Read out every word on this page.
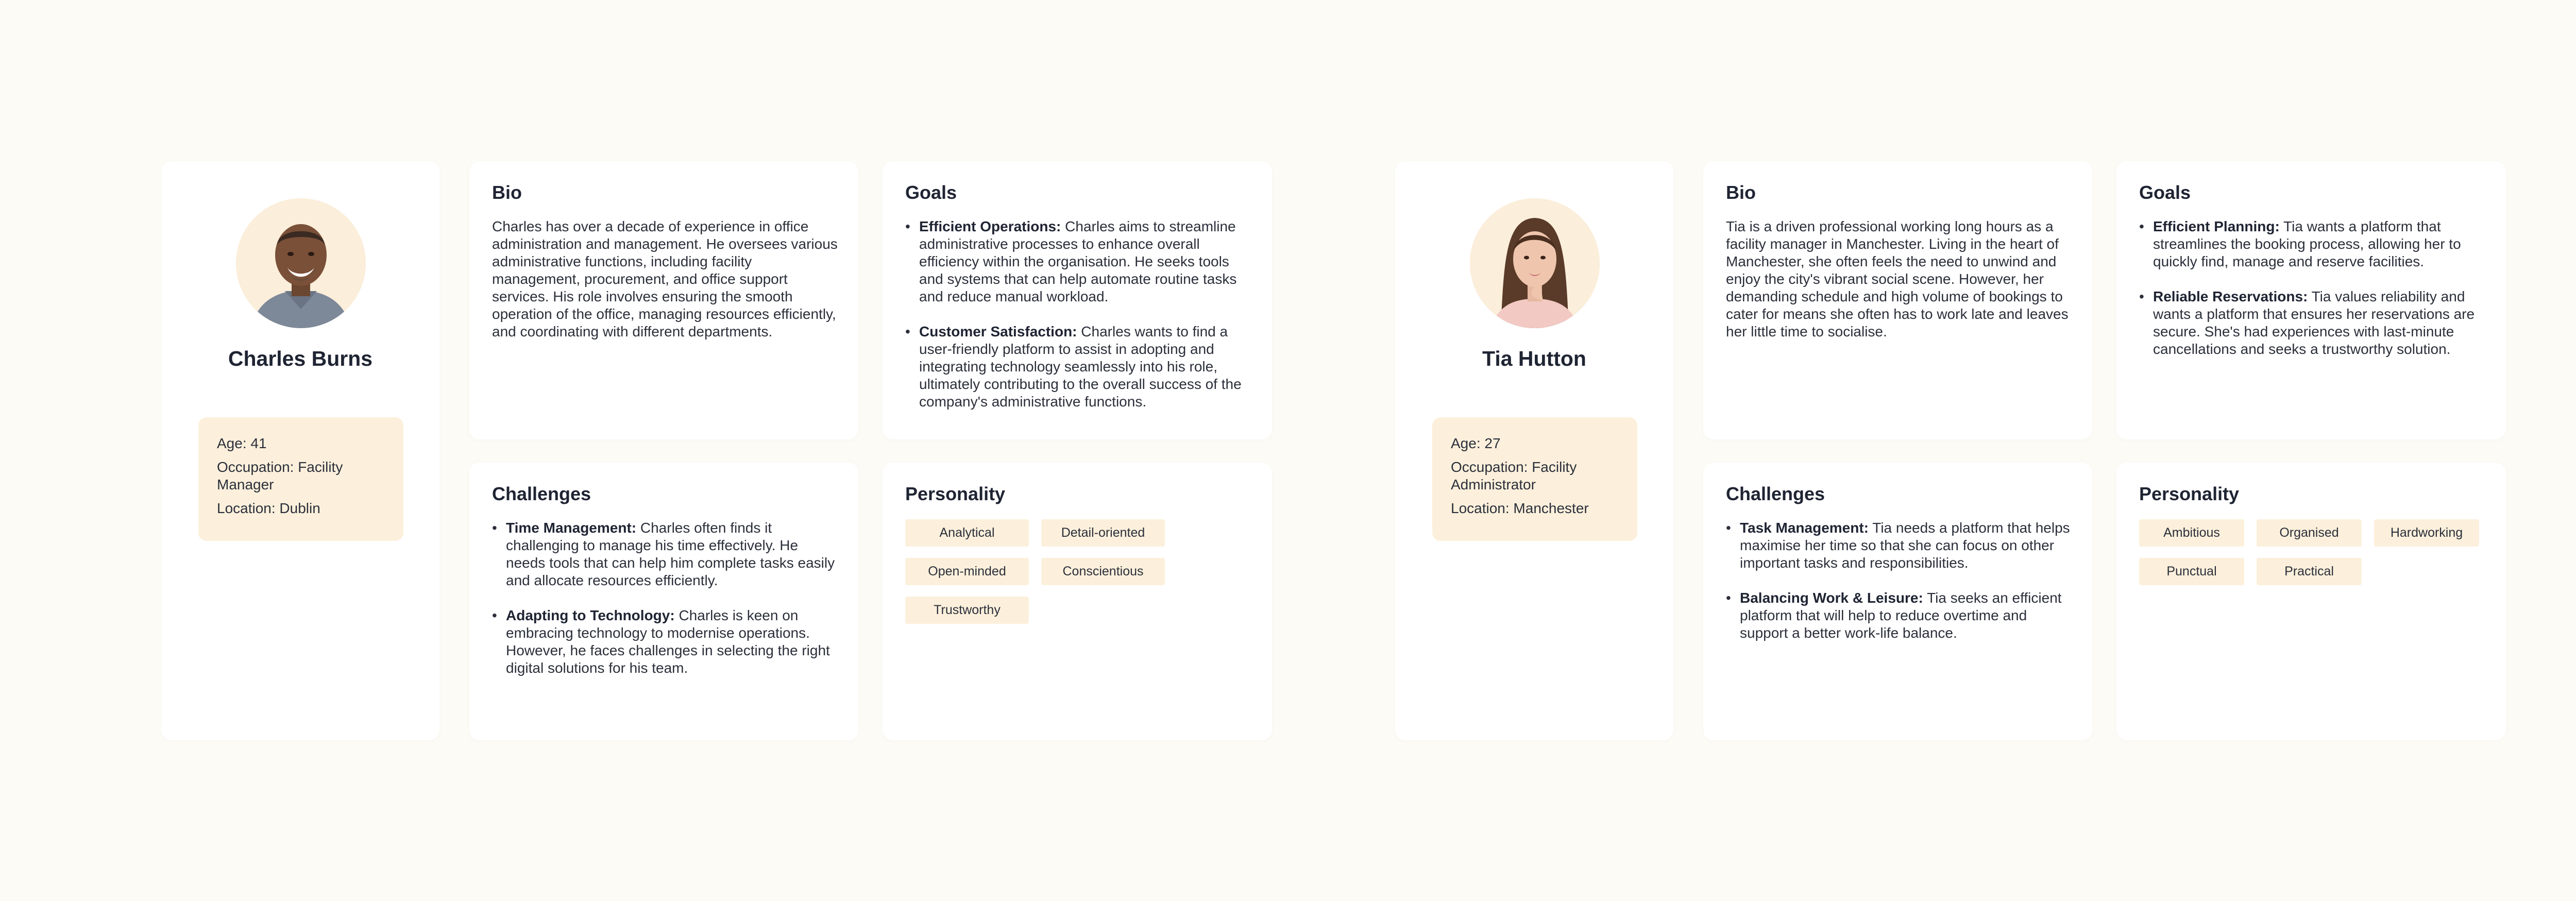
Charles Burns

Age: 41

Occupation: Facility Manager

Location: Dublin

Bio
Charles has over a decade of experience in office administration and management. He oversees various administrative functions, including facility management, procurement, and office support services. His role involves ensuring the smooth operation of the office, managing resources efficiently, and coordinating with different departments.
Goals
• Efficient Operations: Charles aims to streamline administrative processes to enhance overall efficiency within the organisation. He seeks tools and systems that can help automate routine tasks and reduce manual workload.
• Customer Satisfaction: Charles wants to find a user-friendly platform to assist in adopting and integrating technology seamlessly into his role, ultimately contributing to the overall success of the company's administrative functions.
Challenges
• Time Management: Charles often finds it challenging to manage his time effectively. He needs tools that can help him complete tasks easily and allocate resources efficiently.
• Adapting to Technology: Charles is keen on embracing technology to modernise operations. However, he faces challenges in selecting the right digital solutions for his team.
Personality
Analytical	Detail-oriented
Open-minded	Conscientious
Trustworthy
Tia Hutton

Age: 27

Occupation: Facility Administrator

Location: Manchester

Bio
Tia is a driven professional working long hours as a facility manager in Manchester. Living in the heart of Manchester, she often feels the need to unwind and enjoy the city's vibrant social scene. However, her demanding schedule and high volume of bookings to cater for means she often has to work late and leaves her little time to socialise.
Goals
• Efficient Planning: Tia wants a platform that streamlines the booking process, allowing her to quickly find, manage and reserve facilities.
• Reliable Reservations: Tia values reliability and wants a platform that ensures her reservations are secure. She's had experiences with last-minute cancellations and seeks a trustworthy solution.
Challenges
• Task Management: Tia needs a platform that helps maximise her time so that she can focus on other important tasks and responsibilities.
• Balancing Work & Leisure: Tia seeks an efficient platform that will help to reduce overtime and support a better work-life balance.
Personality
Ambitious	Organised	Hardworking
Punctual	Practical
